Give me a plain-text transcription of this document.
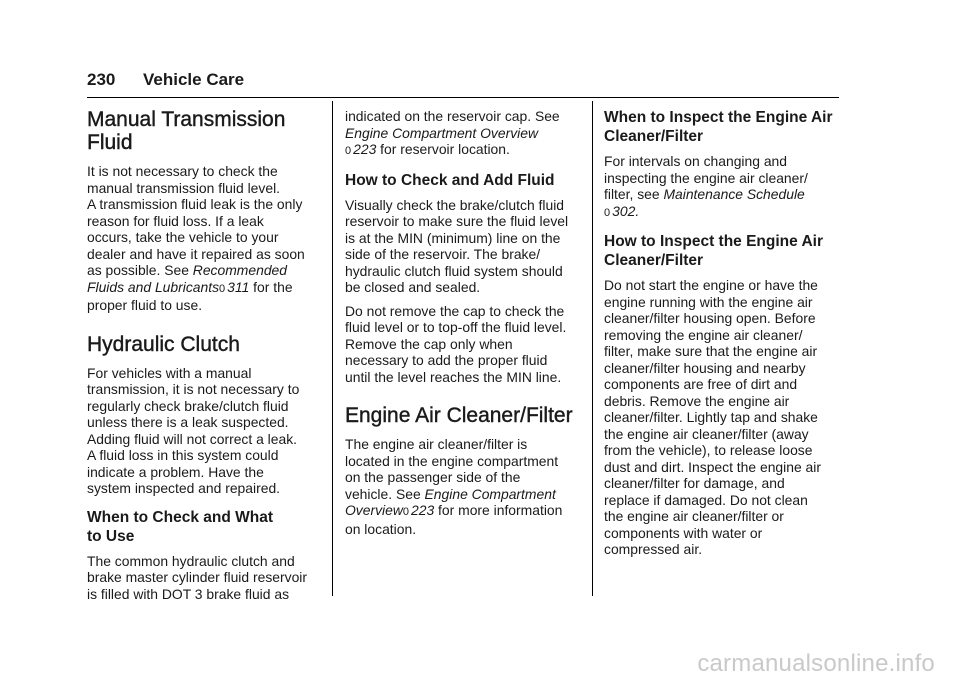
230 Vehicle Care
Manual Transmission
Fluid

It is not necessary to check the
manual transmission fluid level.
A transmission fluid leak is the only
reason for fluid loss. If a leak
occurs, take the vehicle to your
dealer and have it repaired as soon
as possible. See Recommended
Fluids and Lubricants0 311 for the
proper fluid to use.

Hydraulic Clutch

For vehicles with a manual
transmission, it is not necessary to
regularly check brake/clutch fluid
unless there is a leak suspected.
Adding fluid will not correct a leak.
A fluid loss in this system could
indicate a problem. Have the
system inspected and repaired.

When to Check and What
to Use

The common hydraulic clutch and
brake master cylinder fluid reservoir
is filled with DOT 3 brake fluid as

indicated on the reservoir cap. See
Engine Compartment Overview
0 223 for reservoir location.

How to Check and Add Fluid

Visually check the brake/clutch fluid
reservoir to make sure the fluid level
is at the MIN (minimum) line on the
side of the reservoir. The brake/
hydraulic clutch fluid system should
be closed and sealed.

Do not remove the cap to check the
fluid level or to top-off the fluid level.
Remove the cap only when
necessary to add the proper fluid
until the level reaches the MIN line.

Engine Air Cleaner/Filter

The engine air cleaner/filter is
located in the engine compartment
on the passenger side of the
vehicle. See Engine Compartment
Overview0 223 for more information
on location.

When to Inspect the Engine Air
Cleaner/Filter

For intervals on changing and
inspecting the engine air cleaner/
filter, see Maintenance Schedule
0 302.

How to Inspect the Engine Air
Cleaner/Filter

Do not start the engine or have the
engine running with the engine air
cleaner/filter housing open. Before
removing the engine air cleaner/
filter, make sure that the engine air
cleaner/filter housing and nearby
components are free of dirt and
debris. Remove the engine air
cleaner/filter. Lightly tap and shake
the engine air cleaner/filter (away
from the vehicle), to release loose
dust and dirt. Inspect the engine air
cleaner/filter for damage, and
replace if damaged. Do not clean
the engine air cleaner/filter or
components with water or
compressed air.

carmanualsonline.info
